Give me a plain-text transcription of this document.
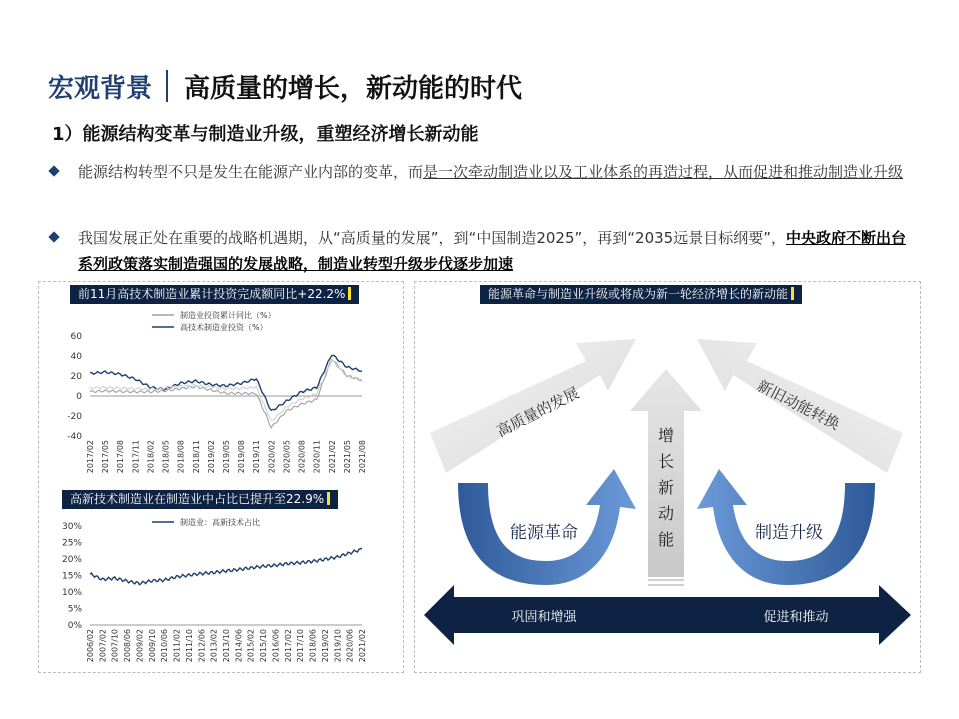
宏观背景 高质量的增长，新动能的时代
1）能源结构变革与制造业升级，重塑经济增长新动能
能源结构转型不只是发生在能源产业内部的变革，而是一次牵动制造业以及工业体系的再造过程，从而促进和推动制造业升级
我国发展正处在重要的战略机遇期，从“高质量的发展”，到“中国制造2025”，再到“2035远景目标纲要”，中央政府不断出台系列政策落实制造强国的发展战略，制造业转型升级步伐逐步加速
前11月高技术制造业累计投资完成额同比+22.2%
-40
-20
0
20
40
60
2017/02 2017/05 2017/08 2017/11 2018/02 2018/05 2018/08 2018/11 2019/02 2019/05 2019/08 2019/11 2020/02 2020/05 2020/08 2020/11 2021/02 2021/05 2021/08
制造业投资累计同比（%）
高技术制造业投资（%）
高新技术制造业在制造业中占比已提升至22.9%
0%
5%
10%
15%
20%
25%
30%
2006/02 2007/02 2007/10 2008/06 2009/02 2009/10 2010/06 2011/02 2011/10 2012/06 2013/02 2013/10 2014/06 2015/02 2015/10 2016/06 2017/02 2017/10 2018/06 2019/02 2019/10 2020/06 2021/02
制造业：高新技术占比
能源革命与制造业升级或将成为新一轮经济增长的新动能
高质量的发展	新旧动能转换
增
长
新
动
能
能源革命	制造升级
巩固和增强	促进和推动
